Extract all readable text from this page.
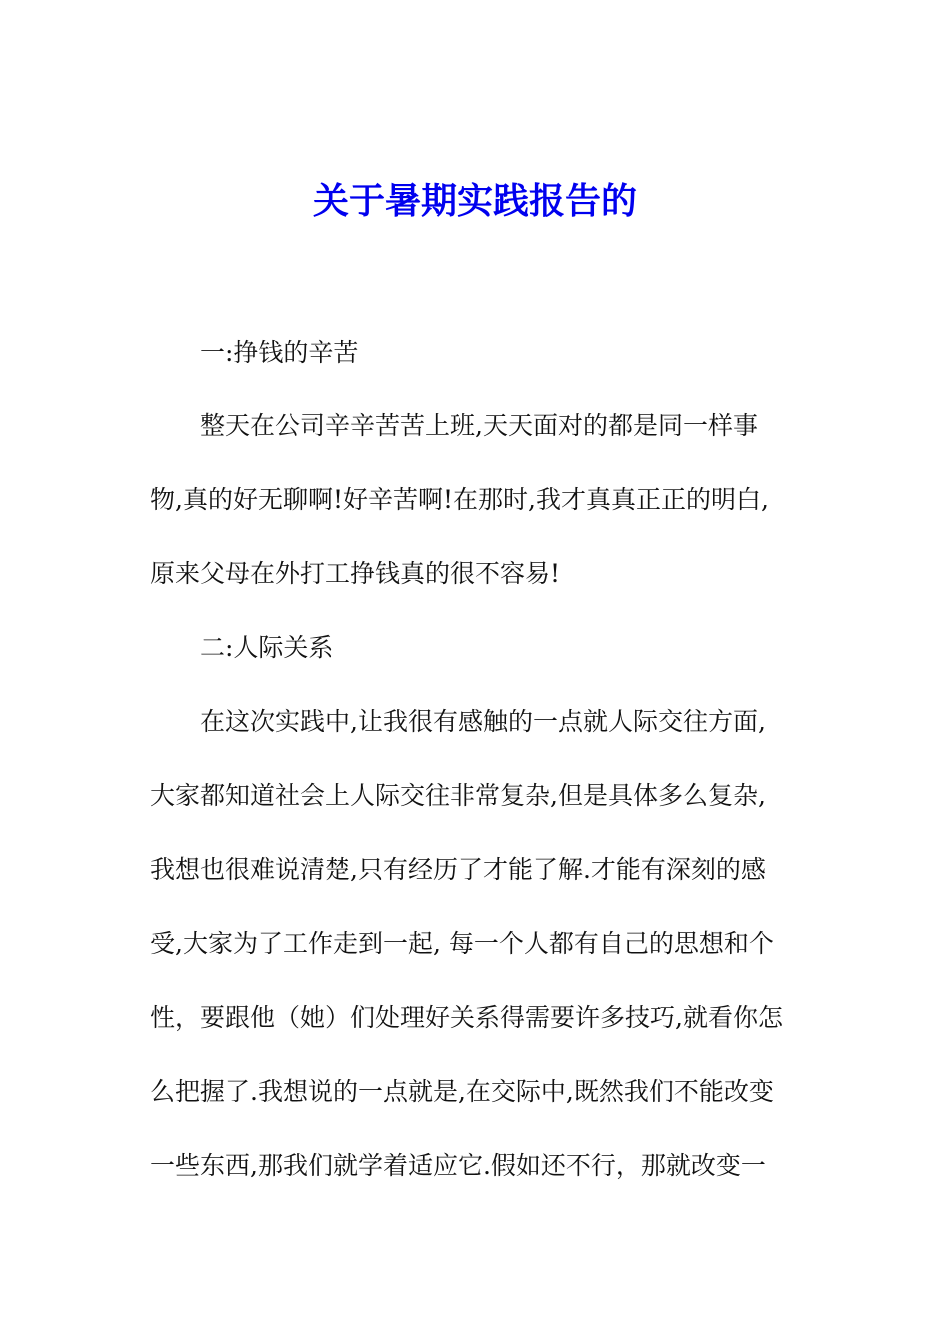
关于暑期实践报告的

一:挣钱的辛苦

整天在公司辛辛苦苦上班,天天面对的都是同一样事

物,真的好无聊啊!好辛苦啊!在那时,我才真真正正的明白,

原来父母在外打工挣钱真的很不容易!

二:人际关系

在这次实践中,让我很有感触的一点就人际交往方面,

大家都知道社会上人际交往非常复杂,但是具体多么复杂,

我想也很难说清楚,只有经历了才能了解.才能有深刻的感

受,大家为了工作走到一起, 每一个人都有自己的思想和个

性，要跟他（她）们处理好关系得需要许多技巧,就看你怎

么把握了.我想说的一点就是,在交际中,既然我们不能改变

一些东西,那我们就学着适应它.假如还不行，那就改变一
